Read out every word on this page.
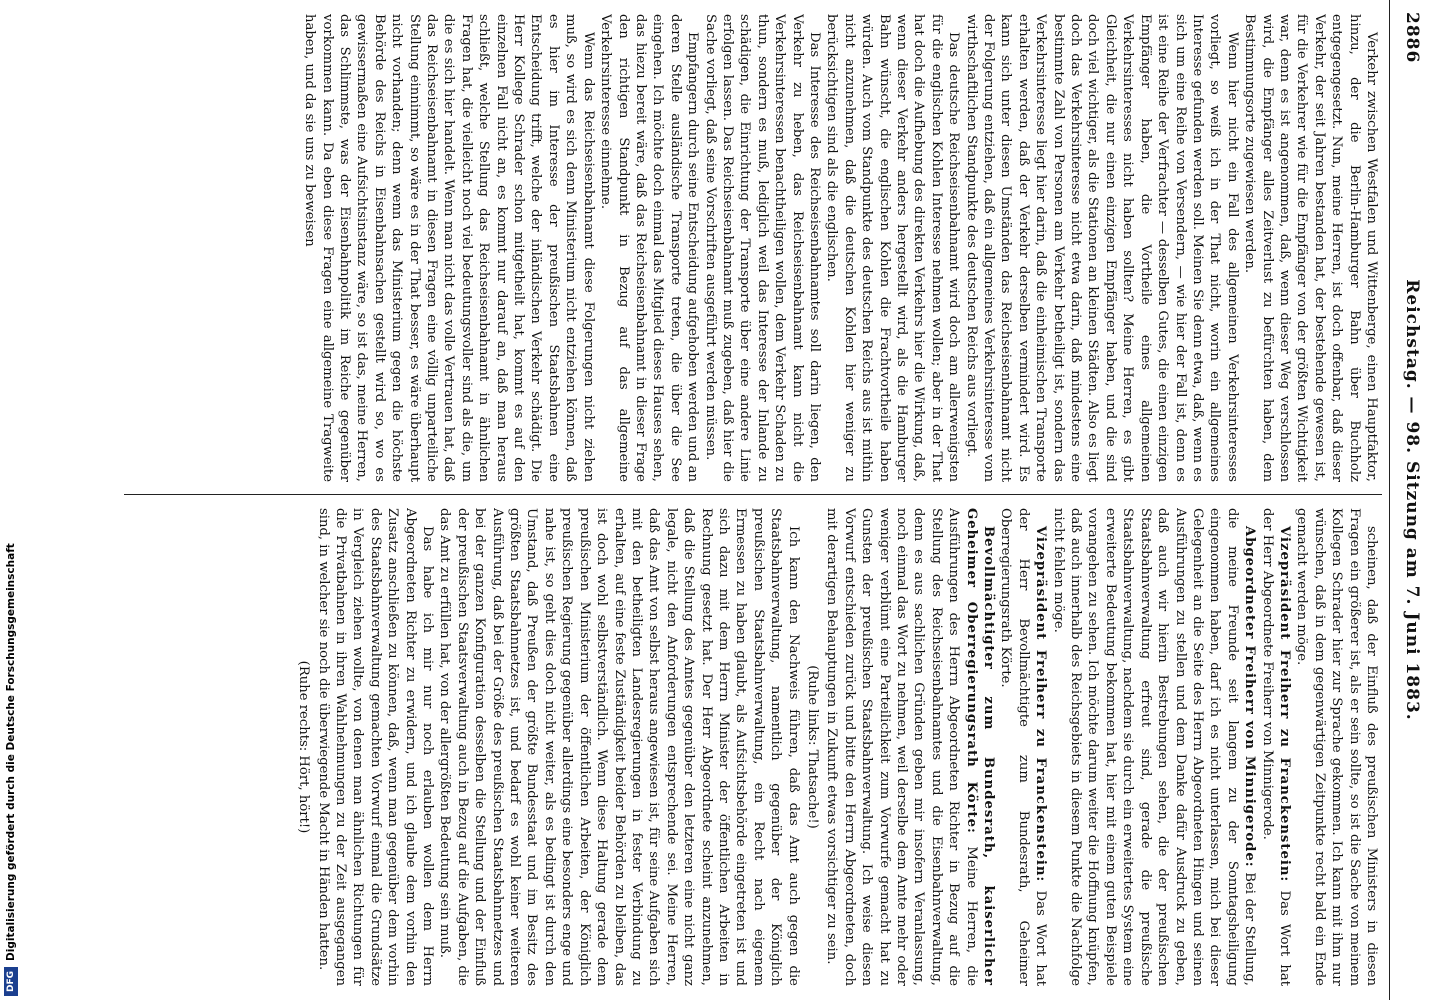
DFGDigitalisierung gefördert durch die Deutsche Forschungsgemeinschaft
2886
Reichstag. — 98. Sitzung am 7. Juni 1883.

Verkehr zwischen Westfalen und Wittenberge, einen Hauptfaktor, hinzu, der die Berlin-Hamburger Bahn über Buchholz entgegengesetzt. Nun, meine Herren, ist doch offenbar, daß dieser Verkehr, der seit Jahren bestanden hat, der bestehende gewesen ist, für die Verkehrer wie für die Empfänger von der größten Wichtigkeit war, denn es ist angenommen, daß, wenn dieser Weg verschlossen wird, die Empfänger alles Zeitverlust zu befürchten haben, dem Bestimmungsorte zugewiesen werden.

Wenn hier nicht ein Fall des allgemeinen Verkehrsinteresses vorliegt, so weiß ich in der That nicht, worin ein allgemeines Interesse gefunden werden soll. Meinen Sie denn etwa, daß, wenn es sich um eine Reihe von Versendern, — wie hier der Fall ist, denn es ist eine Reihe der Verfrachter — desselben Gutes, die einen einzigen Empfänger haben, die Vortheile eines allgemeinen Verkehrsinteresses nicht haben sollten? Meine Herren, es gibt Gleichheit, die nur einen einzigen Empfänger haben, und die sind doch viel wichtiger, als die Stationen an kleinen Städten. Also es liegt doch das Verkehrsinteresse nicht etwa darin, daß mindestens eine bestimmte Zahl von Personen am Verkehr betheiligt ist, sondern das Verkehrsinteresse liegt hier darin, daß die einheimischen Transporte erhalten werden, daß der Verkehr derselben vermindert wird. Es kann sich unter diesen Umständen das Reichseisenbahnamt nicht der Folgerung entziehen, daß ein allgemeines Verkehrsinteresse vom wirthschaftlichen Standpunkte des deutschen Reichs aus vorliegt.

Das deutsche Reichseisenbahnamt wird doch am allerwenigsten für die englischen Kohlen Interesse nehmen wollen; aber in der That hat doch die Aufhebung des direkten Verkehrs hier die Wirkung, daß, wenn dieser Verkehr anders hergestellt wird, als die Hamburger Bahn wünscht, die englischen Kohlen die Frachtvortheile haben würden. Auch vom Standpunkte des deutschen Reichs aus ist mithin nicht anzunehmen, daß die deutschen Kohlen hier weniger zu berücksichtigen sind als die englischen.

Das Interesse des Reichseisenbahnamtes soll darin liegen, den Verkehr zu heben, das Reichseisenbahnamt kann nicht die Verkehrsinteressen benachtheiligen wollen, dem Verkehr Schaden zu thun, sondern es muß, lediglich weil das Interesse der Inlande zu schädigen, die Einrichtung der Transporte über eine andere Linie erfolgen lassen. Das Reichseisenbahnamt muß zugeben, daß hier die Sache vorliegt, daß seine Vorschriften ausgeführt werden müssen.

Empfangern durch seine Entscheidung aufgehoben werden und an deren Stelle ausländische Transporte treten, die über die See eingehen. Ich möchte doch einmal das Mitglied dieses Hauses sehen, das hiezu bereit wäre, daß das Reichseisenbahnamt in dieser Frage den richtigen Standpunkt in Bezug auf das allgemeine Verkehrsinteresse einnehme.

Wenn das Reichseisenbahnamt diese Folgerungen nicht ziehen muß, so wird es sich denn Ministerium nicht entziehen können, daß es hier im Interesse der preußischen Staatsbahnen eine Entscheidung trifft, welche der inländischen Verkehr schädigt. Die Herr Kollege Schrader schon mitgetheilt hat, kommt es auf den einzelnen Fall nicht an, es kommt nur darauf an, daß man heraus schließt, welche Stellung das Reichseisenbahnamt in ähnlichen Fragen hat, die vielleicht noch viel bedeutungsvoller sind als die, um die es sich hier handelt. Wenn man nicht das volle Vertrauen hat, daß das Reichseisenbahnamt in diesen Fragen eine völlig unparteiliche Stellung einnimmt, so wäre es in der That besser, es wäre überhaupt nicht vorhanden; denn wenn das Ministerium gegen die höchste Behörde des Reichs in Eisenbahnsachen gestellt wird so, wo es gewissermaßen eine Aufsichtsinstanz wäre, so ist das, meine Herren, das Schlimmste, was der Eisenbahnpolitik im Reiche gegenüber vorkommen kann. Da eben diese Fragen eine allgemeine Tragweite haben, und da sie uns zu beweisen

scheinen, daß der Einfluß des preußischen Ministers in diesen Fragen ein größerer ist, als er sein sollte, so ist die Sache von meinem Kollegen Schrader hier zur Sprache gekommen. Ich kann mit ihm nur wünschen, daß in dem gegenwärtigen Zeitpunkte recht bald ein Ende gemacht werden möge.

Vizepräsident Freiherr zu Franckenstein: Das Wort hat der Herr Abgeordnete Freiherr von Minnigerode.

Abgeordneter Freiherr von Minnigerode: Bei der Stellung, die meine Freunde seit langem zu der Sonntagsheiligung eingenommen haben, darf ich es nicht unterlassen, mich bei dieser Gelegenheit an die Seite des Herrn Abgeordneten Hingen und seinen Ausführungen zu stellen und dem Danke dafür Ausdruck zu geben, daß auch wir hierin Bestrebungen sehen, die der preußischen Staatsbahnverwaltung erfreut sind, gerade die preußische Staatsbahnverwaltung, nachdem sie durch ein erweitertes System eine erweiterte Bedeutung bekommen hat, hier mit einem guten Beispiele vorangehen zu sehen. Ich möchte darum weiter die Hoffnung knüpfen, daß auch innerhalb des Reichsgebiets in diesem Punkte die Nachfolge nicht fehlen möge.

Vizepräsident Freiherr zu Franckenstein: Das Wort hat der Herr Bevollmächtigte zum Bundesrath, Geheimer Oberregierungsrath Körte.

Bevollmächtigter zum Bundesrath, kaiserlicher Geheimer Oberregierungsrath Körte: Meine Herren, die Ausführungen des Herrn Abgeordneten Richter in Bezug auf die Stellung des Reichseisenbahnamtes und die Eisenbahnverwaltung, denn es aus sachlichen Gründen geben mir insofern Veranlassung, noch einmal das Wort zu nehmen, weil derselbe dem Amte mehr oder weniger verblümt eine Parteilichkeit zum Vorwurfe gemacht hat zu Gunsten der preußischen Staatsbahnverwaltung. Ich weise diesen Vorwurf entschieden zurück und bitte den Herrn Abgeordneten, doch mit derartigen Behauptungen in Zukunft etwas vorsichtiger zu sein.

(Ruhe links: Thatsache!)

Ich kann den Nachweis führen, daß das Amt auch gegen die Staatsbahnverwaltung, namentlich gegenüber der Königlich preußischen Staatsbahnverwaltung, ein Recht nach eigenem Ermessen zu haben glaubt, als Aufsichtsbehörde eingetreten ist und sich dazu mit dem Herrn Minister der öffentlichen Arbeiten in Rechnung gesetzt hat. Der Herr Abgeordnete scheint anzunehmen, daß die Stellung des Amtes gegenüber den letzteren eine nicht ganz legale, nicht den Anforderungen entsprechende sei. Meine Herren, daß das Amt von selbst heraus angewiesen ist, für seine Aufgaben sich mit den betheiligten Landesregierungen in fester Verbindung zu erhalten, auf eine feste Zuständigkeit beider Behörden zu bleiben, das ist doch wohl selbstverständlich. Wenn diese Haltung gerade dem preußischen Ministerium der öffentlichen Arbeiten, der Königlich preußischen Regierung gegenüber allerdings eine besonders enge und nahe ist, so geht dies doch nicht weiter, als es bedingt ist durch den Umstand, daß Preußen der größte Bundesstaat und im Besitz des größten Staatsbahnnetzes ist, und bedarf es wohl keiner weiteren Ausführung, daß bei der Größe des preußischen Staatsbahnnetzes und bei der ganzen Konfiguration desselben die Stellung und der Einfluß der preußischen Staatsverwaltung auch in Bezug auf die Aufgaben, die das Amt zu erfüllen hat, von der allergrößten Bedeutung sein muß.

Das habe ich mir nur noch erlauben wollen dem Herrn Abgeordneten Richter zu erwidern, und ich glaube dem vorhin den Zusatz anschließen zu können, daß, wenn man gegenüber dem vorhin des Staatsbahnverwaltung gemachten Vorwurf einmal die Grundsätze in Vergleich ziehen wollte, von denen man ähnlichen Richtungen für die Privatbahnen in ihren Wahlnehmungen zu der Zeit ausgegangen sind, in welcher sie noch die überwiegende Macht in Händen hatten.

(Ruhe rechts: Hört, hört!)
